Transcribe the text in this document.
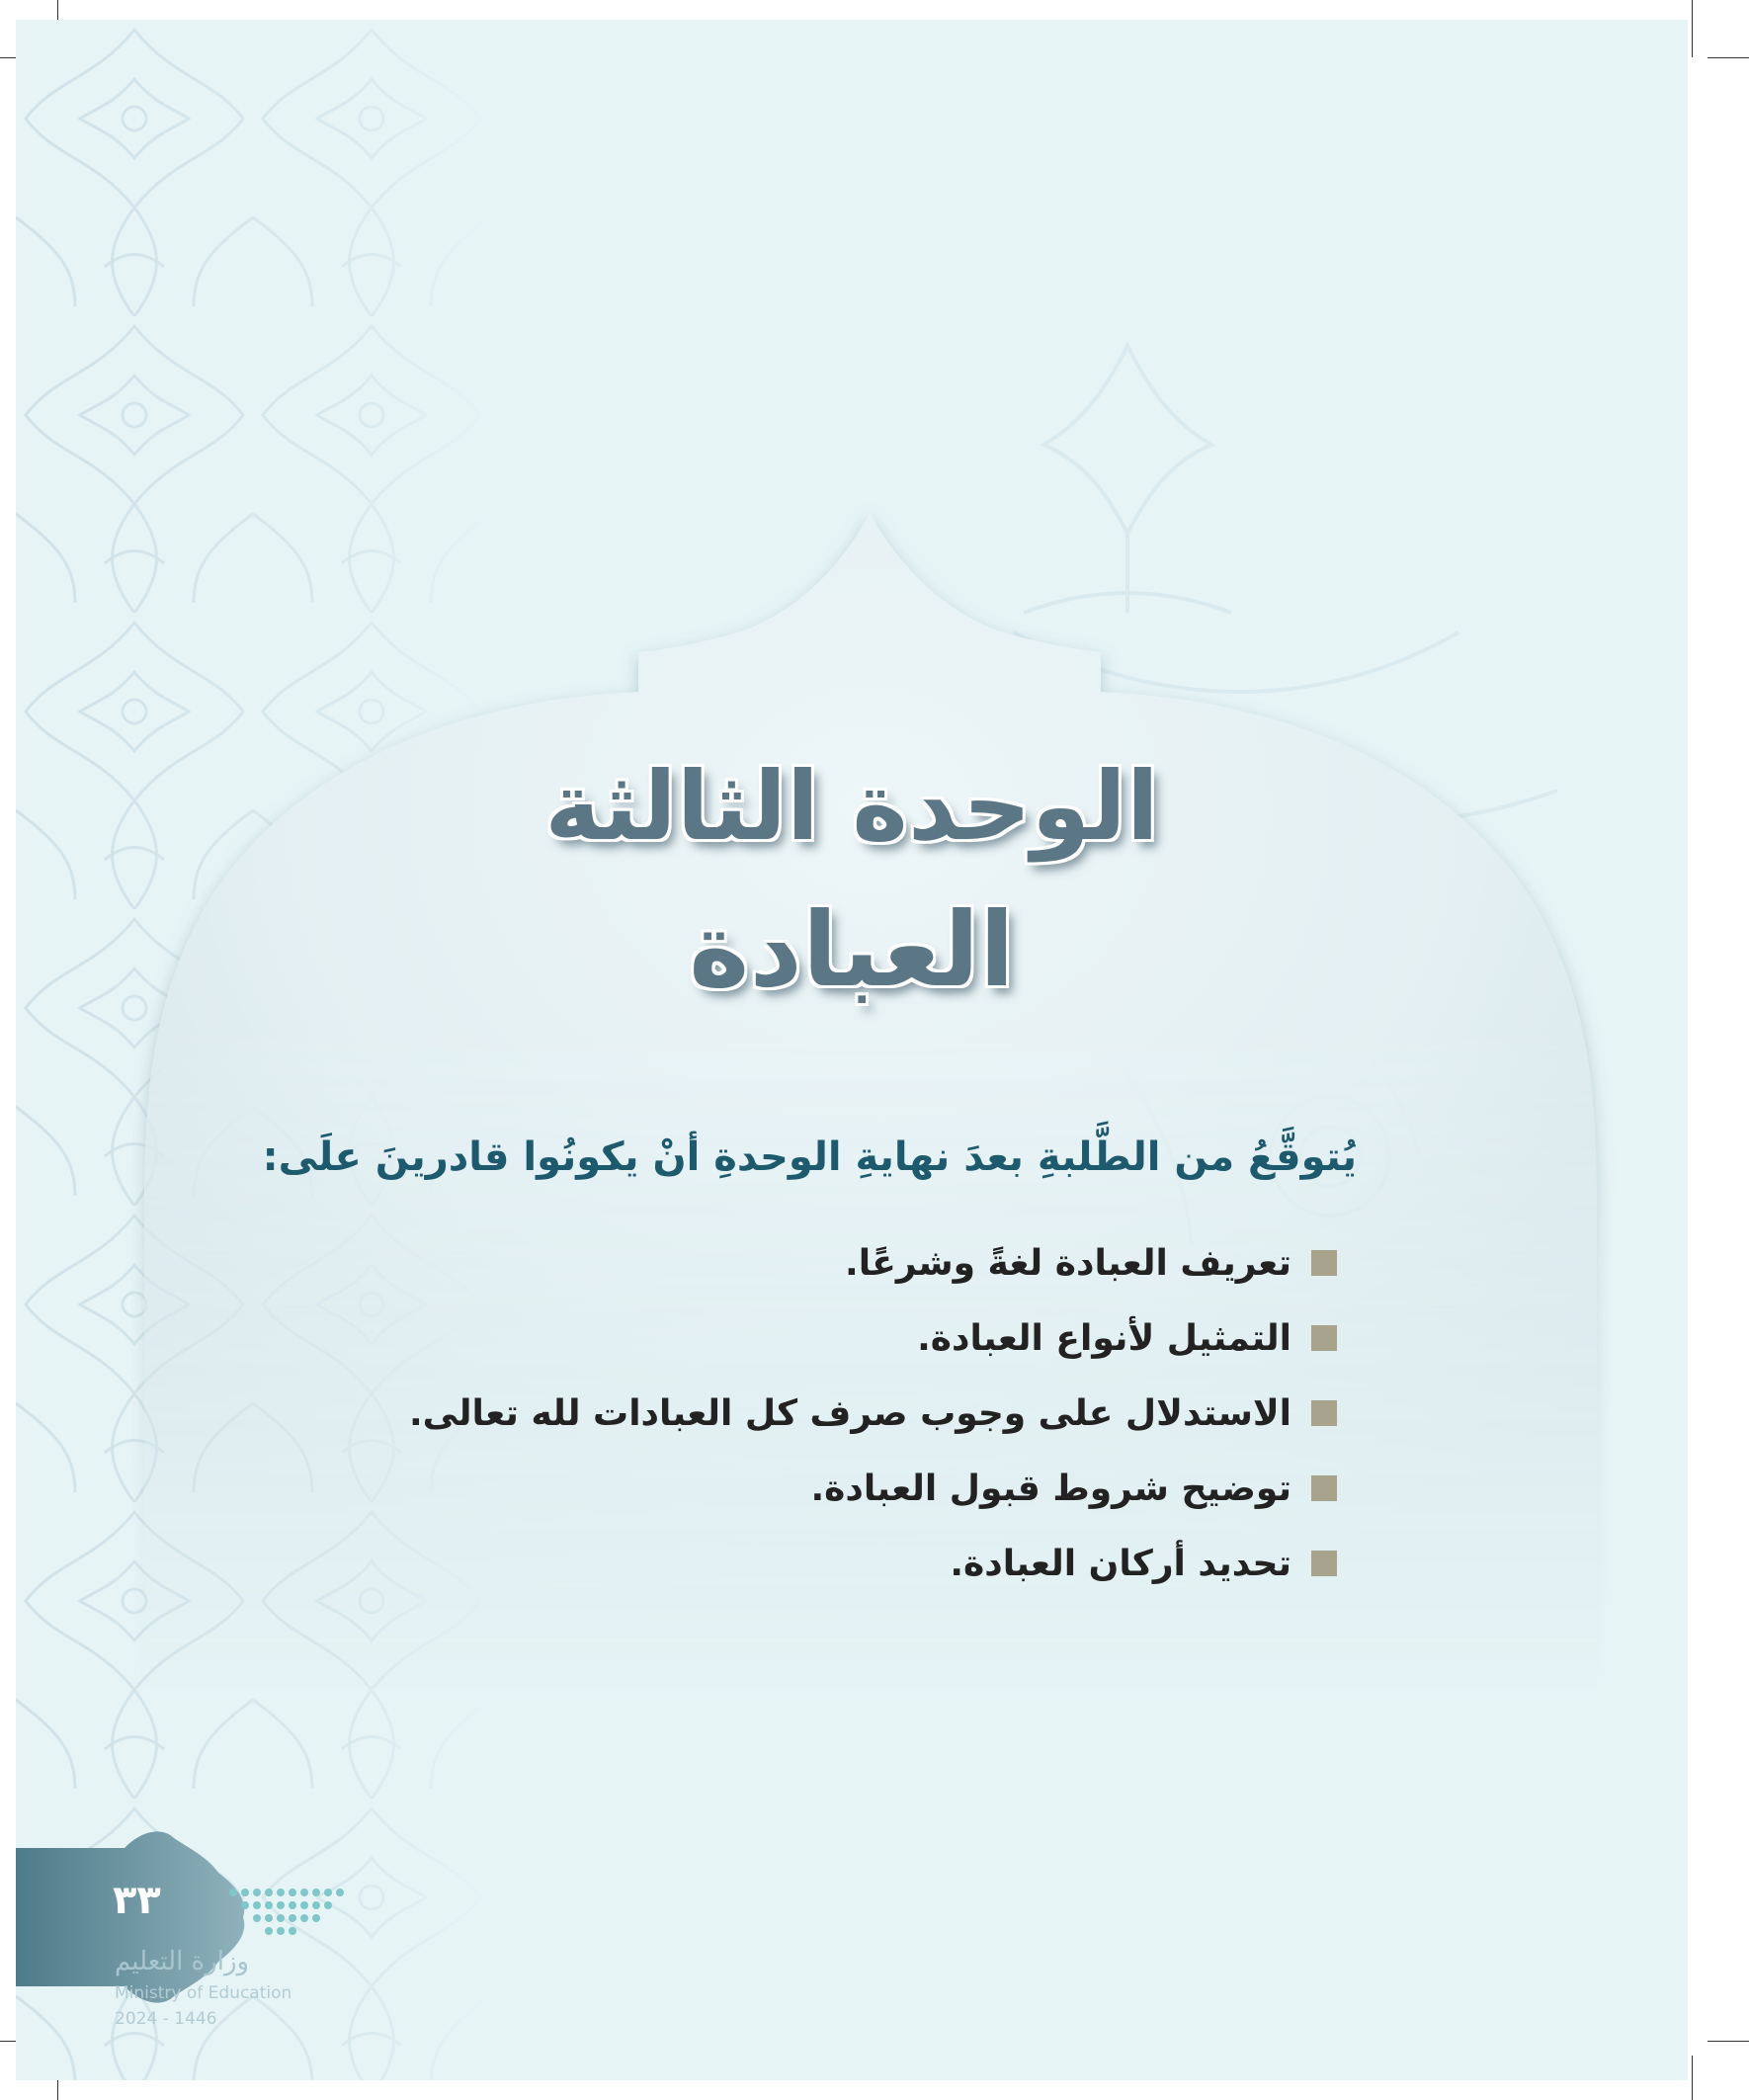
الوحدة الثالثة
العبادة
يُتوقَّعُ من الطَّلبةِ بعدَ نهايةِ الوحدةِ أنْ يكونُوا قادرينَ علَى:
تعريف العبادة لغةً وشرعًا.
التمثيل لأنواع العبادة.
الاستدلال على وجوب صرف كل العبادات لله تعالى.
توضيح شروط قبول العبادة.
تحديد أركان العبادة.
٣٣
وزارة التعليم
Ministry of Education
2024 - 1446
